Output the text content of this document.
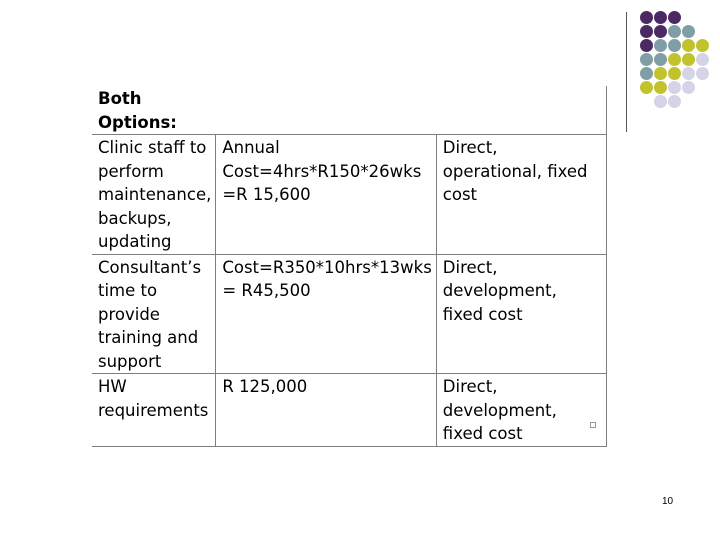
Both Options:		
Clinic staff to perform maintenance, backups, updating	Annual Cost=4hrs*R150*26wks =R 15,600	Direct, operational, fixed cost
Consultant’s time to provide training and support	Cost=R350*10hrs*13wks = R45,500	Direct, development, fixed cost
HW requirements	R 125,000	Direct, development, fixed cost
10
